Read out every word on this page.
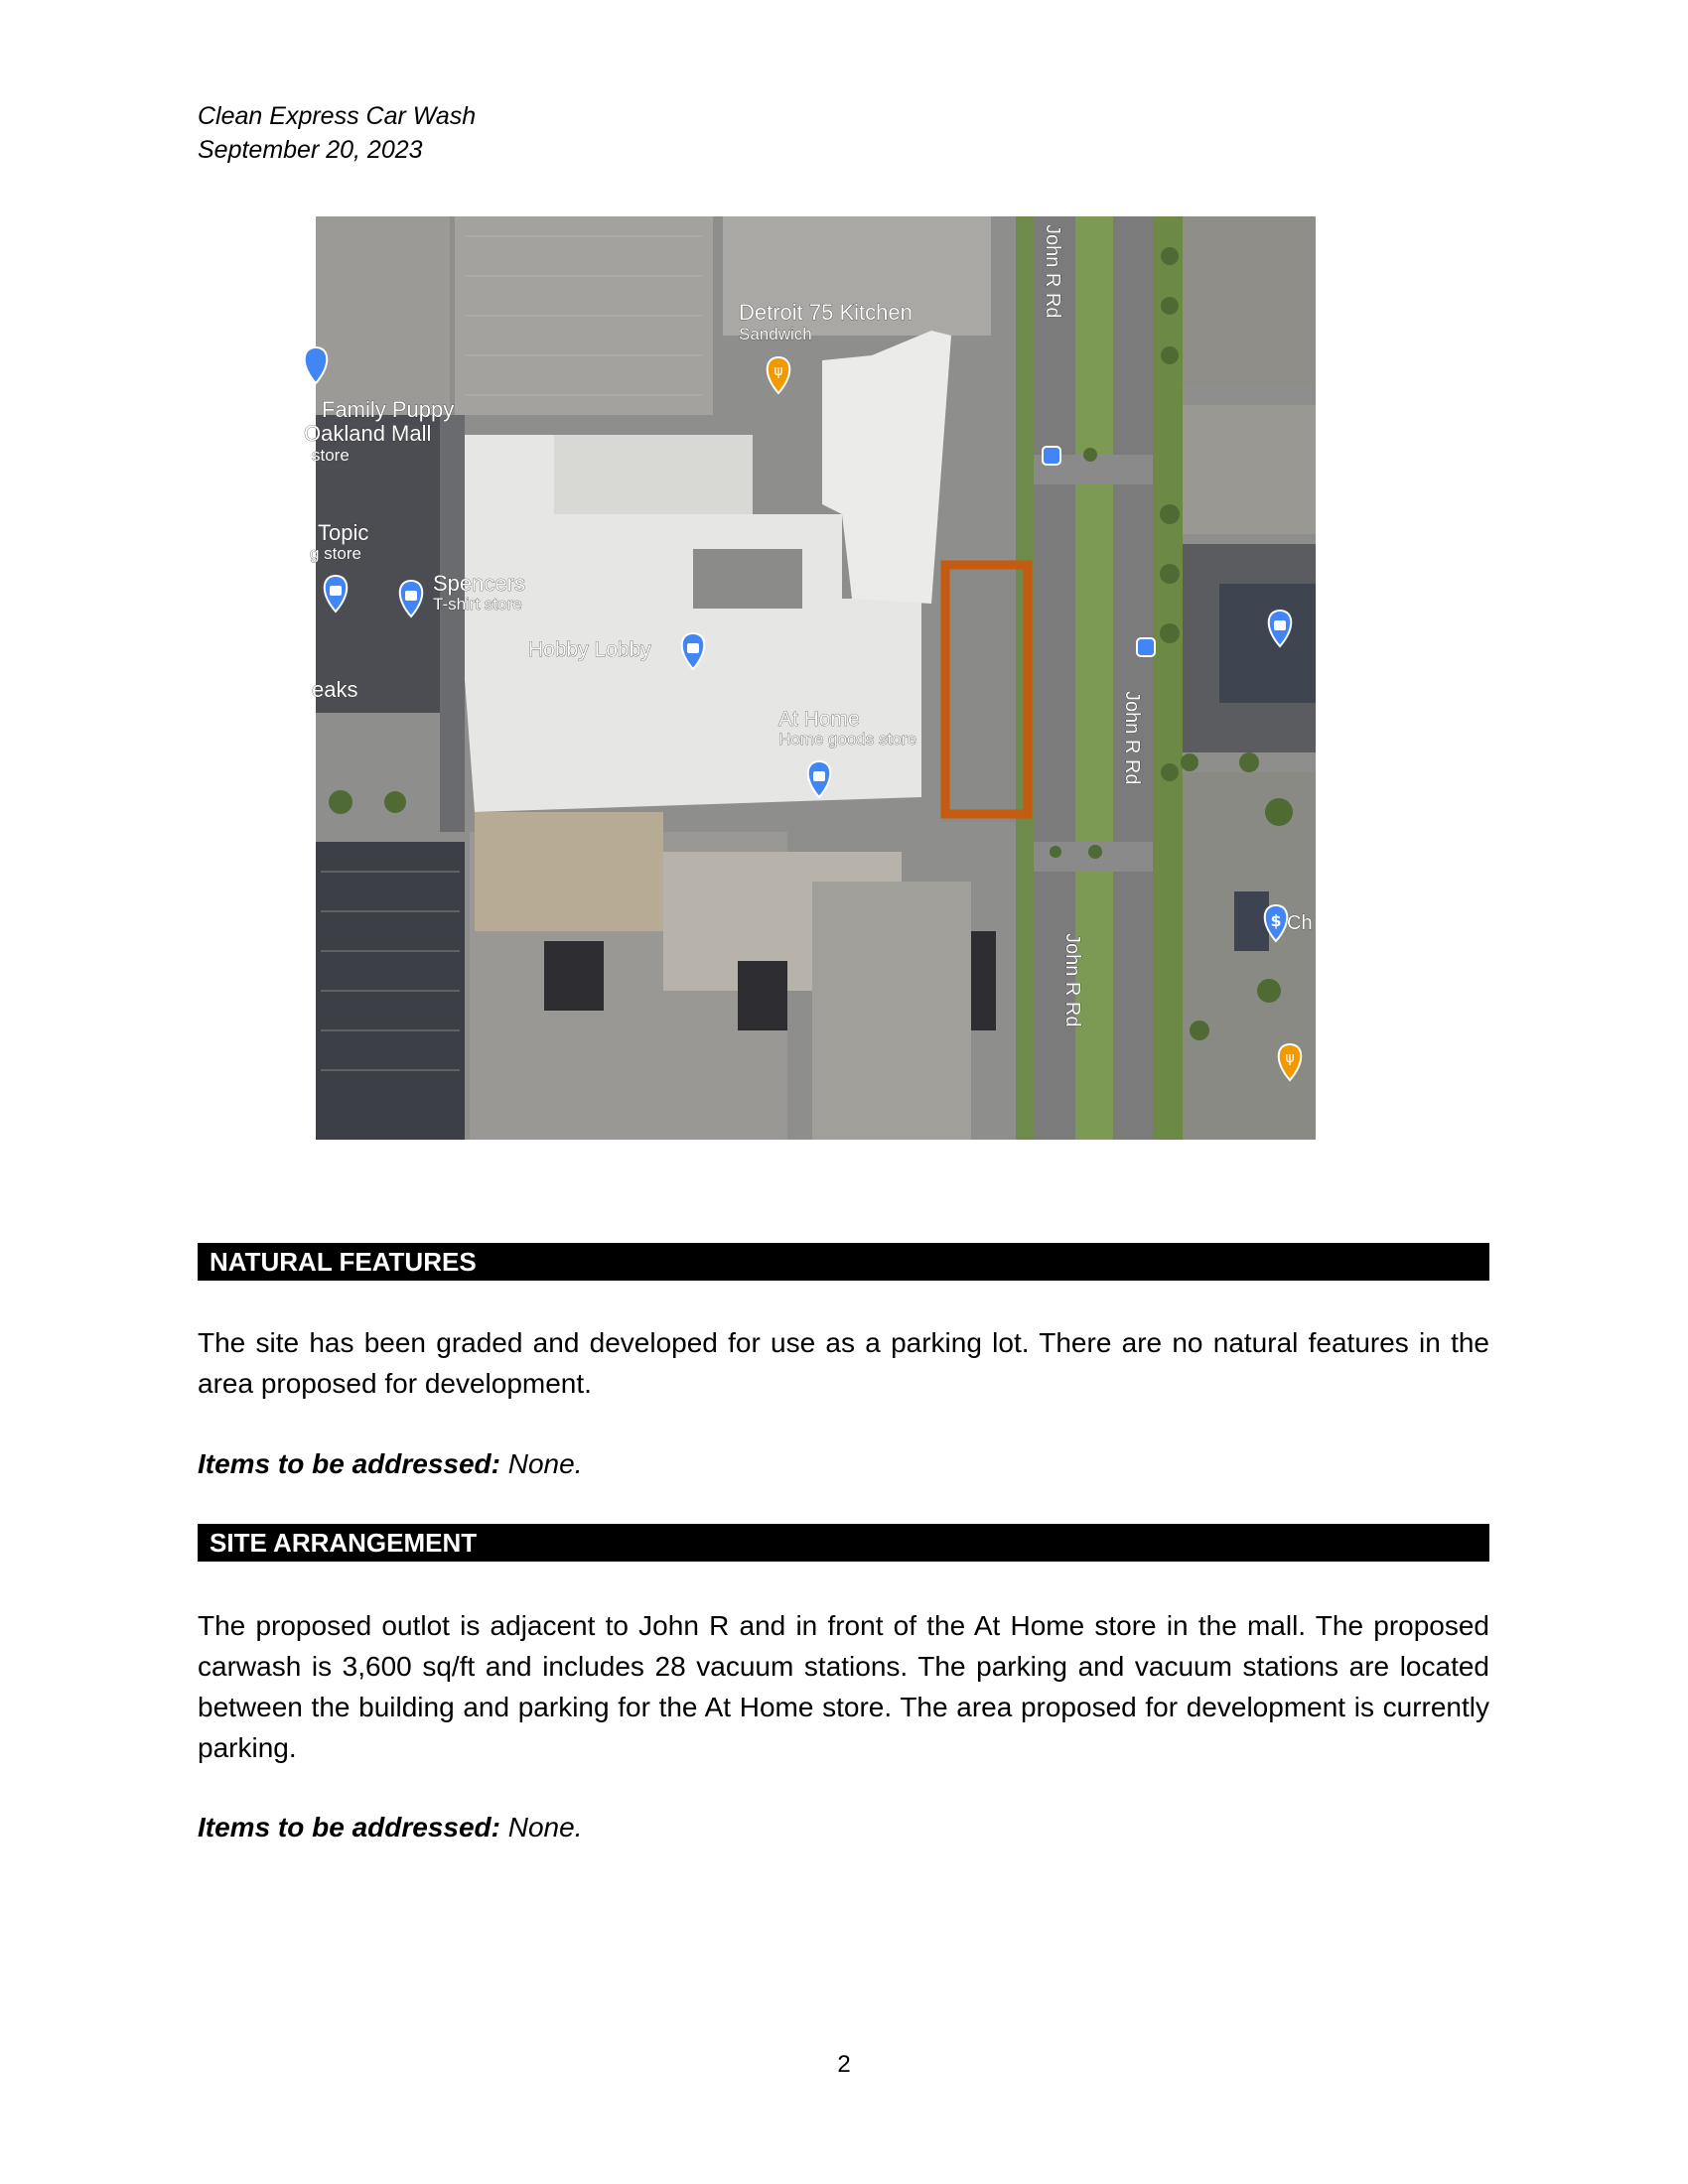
Clean Express Car Wash
September 20, 2023
ψ
$
ψ
Detroit 75 Kitchen
Sandwich
Family Puppy
Oakland Mall
store
Topic
g store
Spencers
T-shirt store
Hobby Lobby
eaks
At Home
Home goods store
Ch
John R Rd
John R Rd
John R Rd
NATURAL FEATURES
The site has been graded and developed for use as a parking lot. There are no natural features in the area proposed for development.
Items to be addressed: None.
SITE ARRANGEMENT
The proposed outlot is adjacent to John R and in front of the At Home store in the mall. The proposed carwash is 3,600 sq/ft and includes 28 vacuum stations. The parking and vacuum stations are located between the building and parking for the At Home store. The area proposed for development is currently parking.
Items to be addressed: None.
2
